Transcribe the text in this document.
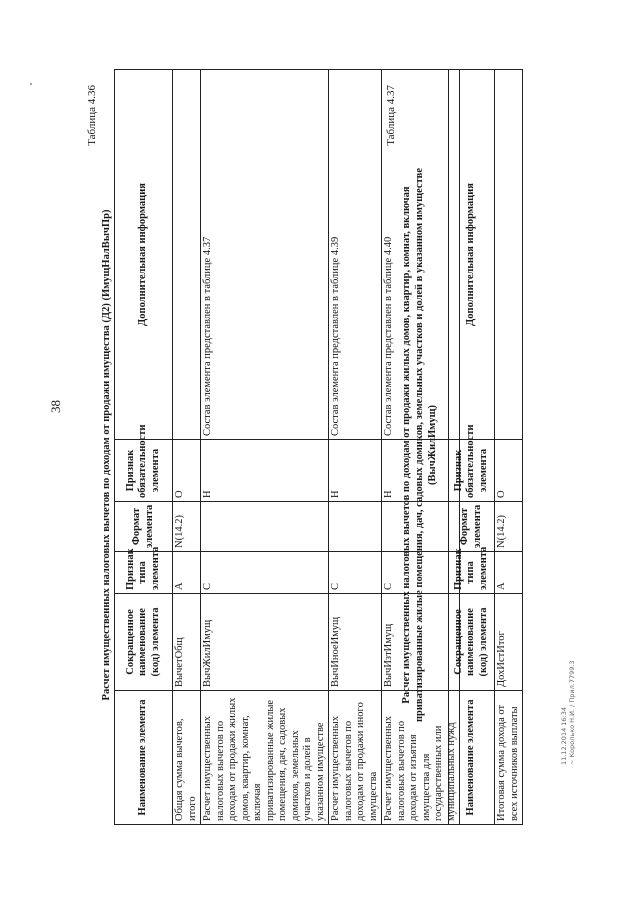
38
Таблица 4.36
Расчет имущественных налоговых вычетов по доходам от продажи имущества (Д2) (ИмущНалВычПр)
Наименование элемента	Сокращенное наименование (код) элемента	Признак типа элемента	Формат элемента	Признак обязательности элемента	Дополнительная информация
Общая сумма вычетов, итого	ВычетОбщ	А	N(14.2)	О	
Расчет имущественных налоговых вычетов по доходам от продажи жилых домов, квартир, комнат, включая приватизированные жилые помещения, дач, садовых домиков, земельных участков и долей в указанном имуществе	ВычЖилИмущ	С		Н	Состав элемента представлен в таблице 4.37
Расчет имущественных налоговых вычетов по доходам от продажи иного имущества	ВычИноеИмущ	С		Н	Состав элемента представлен в таблице 4.39
Расчет имущественных налоговых вычетов по доходам от изъятия имущества для государственных или муниципальных нужд	ВычИзтИмущ	С		Н	Состав элемента представлен в таблице 4.40
Таблица 4.37
Расчет имущественных налоговых вычетов по доходам от продажи жилых домов, квартир, комнат, включая приватизированные жилые помещения, дач, садовых домиков, земельных участков и долей в указанном имуществе (ВычЖилИмущ)
Наименование элемента	Сокращенное наименование (код) элемента	Признак типа элемента	Формат элемента	Признак обязательности элемента	Дополнительная информация
Итоговая сумма дохода от всех источников выплаты	ДохИстИтог	А	N(14.2)	О	
11.12.2014 16:34 ~ Королько Н.И. / Прил.7799.3
